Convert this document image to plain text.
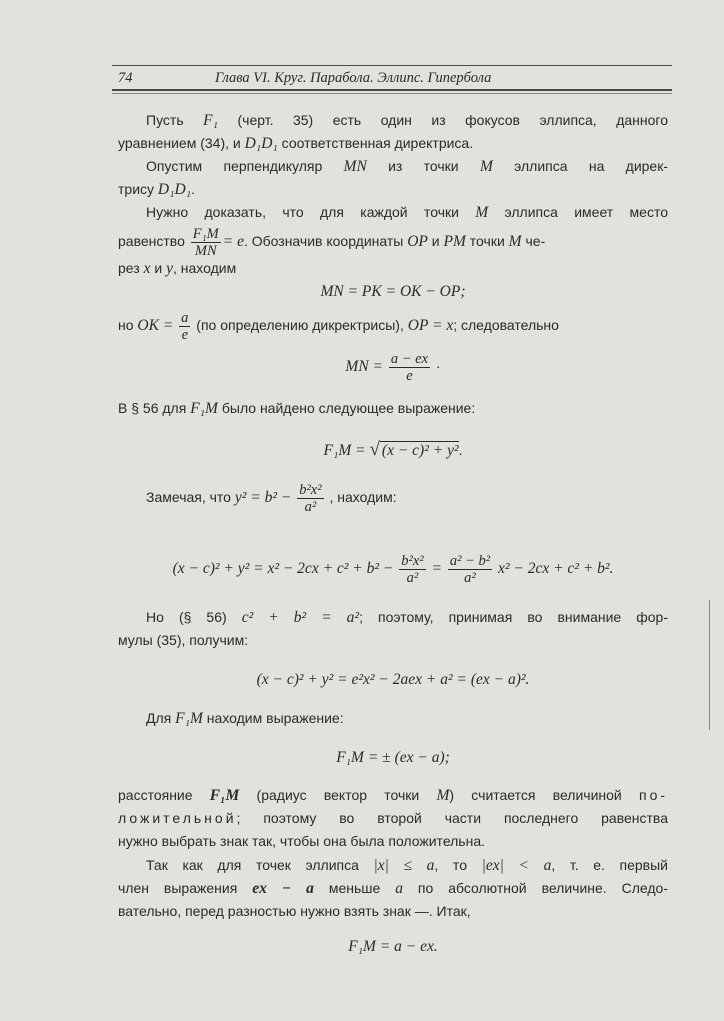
74	Глава VI. Круг. Парабола. Эллипс. Гипербола
Пусть F₁ (черт. 35) есть один из фокусов эллипса, данного
уравнением (34), и D₁D₁ соответственная директриса.
Опустим перпендикуляр MN из точки M эллипса на дирек-
трису D₁D₁.
Нужно доказать, что для каждой точки M эллипса имеет место
равенство $\frac{\text{F₁M}}{MN} = e$. Обозначив координаты OP и PM точки M че-
рез x и y, находим
MN = PK = OK − OP;
но OK = $\frac{a}{e} (по$ определению дикректрисы), OP = x; следовательно
MN = $\frac{a - ex}{e}$ ·
В § 56 для F₁M было найдено следующее выражение:
F₁M = √ (x − c)² + y².
Замечая, что $y^2 = b^2 - \frac{\text{b²x²}}{\text{a²}}$ , находим:
$(x - c)^2 + y^2 = x^2 - 2cx + c^2 + b^2 - \frac{\text{b²x²}}{\text{a²}} = \frac{\text{a² − b²}}{\text{a²}} x^2 - 2cx + c^2 + b^2$.
Но (§ 56) c² + b² = a²; поэтому, принимая во внимание фор-
мулы (35), получим:
(x − c)² + y² = e²x² − 2aex + a² = (ex − a)².
Для F₁M находим выражение:
F₁M = ± (ex − a);
расстояние F₁M (радиус вектор точки M) считается величиной по-
ложительной; поэтому во второй части последнего равенства
нужно выбрать знак так, чтобы она была положительна.
Так как для точек эллипса |x| ≤ a, то |ex| < a, т. е. первый
член выражения ex − a меньше a по абсолютной величине. Следо-
вательно, перед разностью нужно взять знак —. Итак,
F₁M = a − ex.
